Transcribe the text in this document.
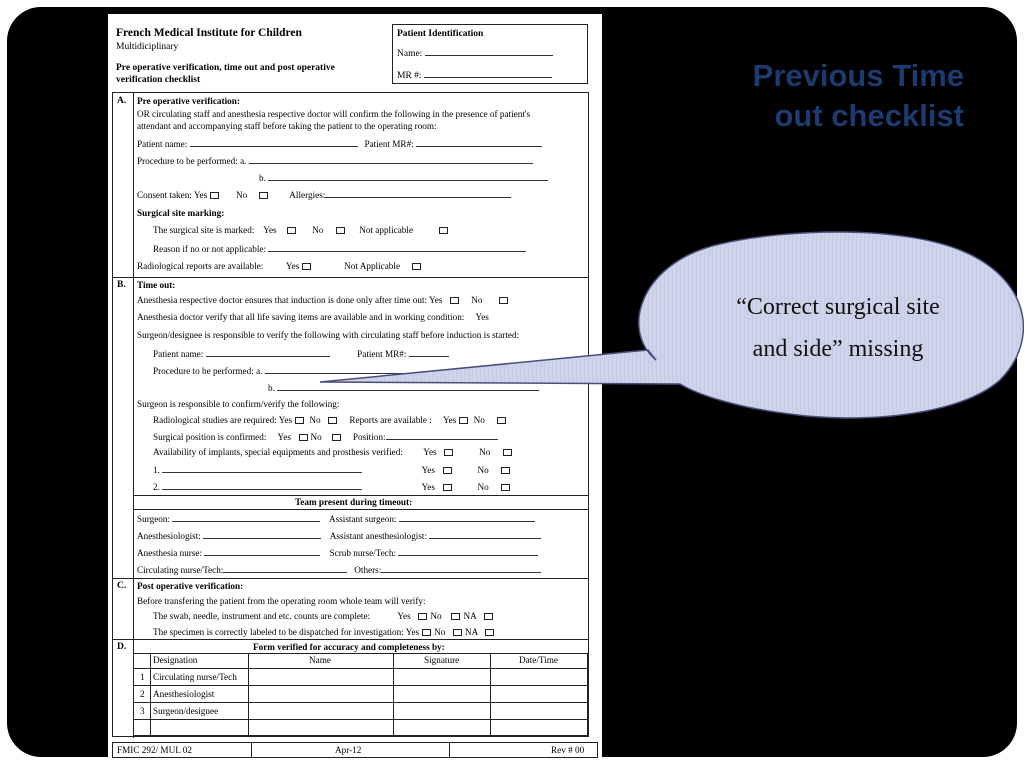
French Medical Institute for Children
Multidiciplinary
Pre operative verification, time out and post operative
verification checklist
Patient Identification
Name:
MR #:
A. Pre operative verification:
OR circulating staff and anesthesia respective doctor will confirm the following in the presence of patient's
attendant and accompanying staff before taking the patient to the operating room:
Patient name:	Patient MR#:
Procedure to be performed: a.
b.
Consent taken: Yes	No	Allergies:
Surgical site marking:
The surgical site is marked: Yes	No	Not applicable
Reason if no or not applicable:
Radiological reports are available: Yes	Not Applicable
B. Time out:
Anesthesia respective doctor ensures that induction is done only after time out: Yes	No
Anesthesia doctor verify that all life saving items are available and in working condition: Yes
Surgeon/designee is responsible to verify the following with circulating staff before induction is started:
Patient name:	Patient MR#:
Procedure to be performed: a.
b.
Surgeon is responsible to confirm/verify the following:
Radiological studies are required: Yes No	Reports are available : Yes No
Surgical position is confirmed: Yes No	Position:
Availability of implants, special equipments and prosthesis verified: Yes	No
1.	Yes	No
2.	Yes	No
Team present during timeout:
Surgeon:	Assistant surgeon:
Anesthesiologist:	Assistant anesthesiologist:
Anesthesia nurse:	Scrub nurse/Tech:
Circulating nurse/Tech:	Others:
C. Post operative verification:
Before transfering the patient from the operating room whole team will verify:
The swab, needle, instrument and etc. counts are complete:	Yes No NA
The specimen is correctly labeled to be dispatched for investigation: Yes No NA
D.	Form verified for accuracy and completeness by:
Designation	Name	Signature	Date/Time
1 Circulating nurse/Tech
2 Anesthesiologist
3 Surgeon/designee
FMIC 292/ MUL 02	Apr-12	Rev # 00
Previous Time
out checklist
“Correct surgical site
and side” missing
